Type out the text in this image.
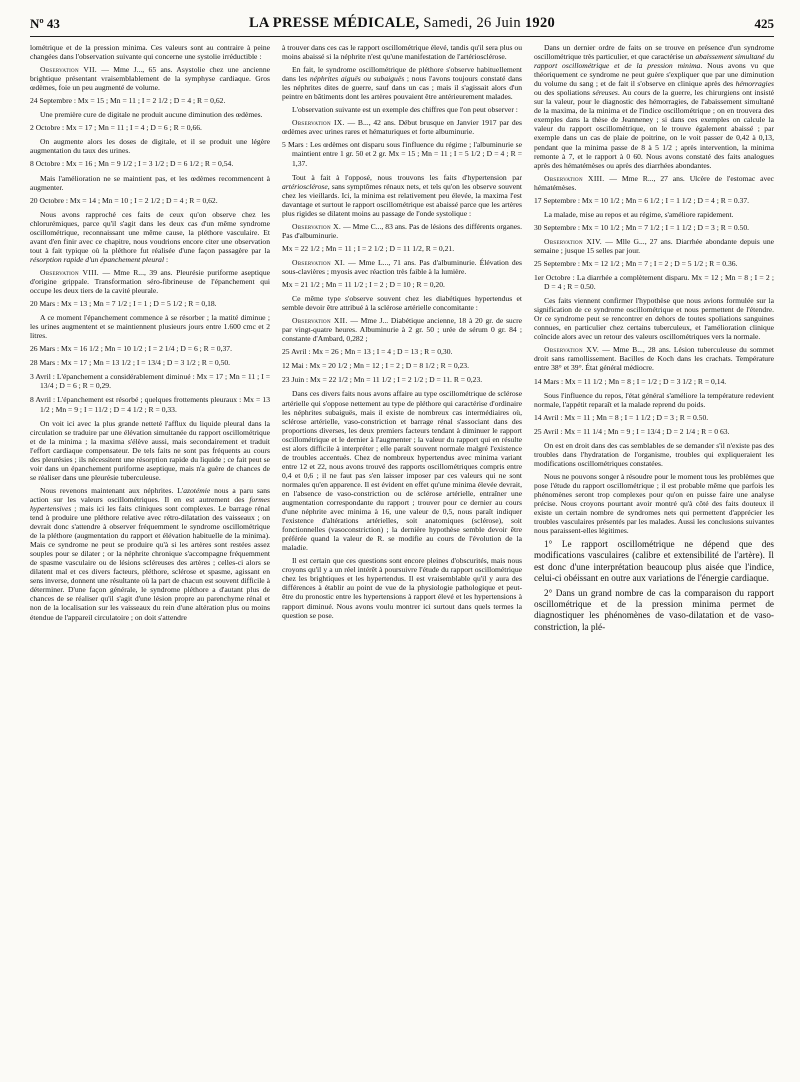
Nº 43	LA PRESSE MÉDICALE, Samedi, 26 Juin 1920	425

lométrique et de la pression minima. Ces valeurs sont au contraire à peine changées dans l'observation suivante qui concerne une systolie irréductible :

Observation VII. — Mme J..., 65 ans. Asystolie chez une ancienne brightique présentant vraisemblablement de la symphyse cardiaque. Gros œdèmes, foie un peu augmenté de volume.

24 Septembre : Mx = 15 ; Mn = 11 ; I = 2 1/2 ; D = 4 ; R = 0,62.

Une première cure de digitale ne produit aucune diminution des œdèmes.

2 Octobre : Mx = 17 ; Mn = 11 ; I = 4 ; D = 6 ; R = 0,66.

On augmente alors les doses de digitale, et il se produit une légère augmentation du taux des urines.

8 Octobre : Mx = 16 ; Mn = 9 1/2 ; I = 3 1/2 ; D = 6 1/2 ; R = 0,54.

Mais l'amélioration ne se maintient pas, et les œdèmes recommencent à augmenter.

20 Octobre : Mx = 14 ; Mn = 10 ; I = 2 1/2 ; D = 4 ; R = 0,62.

Nous avons rapproché ces faits de ceux qu'on observe chez les chlorurémiques, parce qu'il s'agit dans les deux cas d'un même syndrome oscillométrique, reconnaissant une même cause, la pléthore vasculaire. Et avant d'en finir avec ce chapitre, nous voudrions encore citer une observation tout à fait typique où la pléthore fut réalisée d'une façon passagère par la résorption rapide d'un épanchement pleural :

Observation VIII. — Mme R..., 39 ans. Pleurésie puriforme aseptique d'origine grippale. Transformation séro-fibrineuse de l'épanchement qui occupe les deux tiers de la cavité pleurale.

20 Mars : Mx = 13 ; Mn = 7 1/2 ; I = 1 ; D = 5 1/2 ; R = 0,18.

A ce moment l'épanchement commence à se résorber ; la matité diminue ; les urines augmentent et se maintiennent plusieurs jours entre 1.600 cmc et 2 litres.

26 Mars : Mx = 16 1/2 ; Mn = 10 1/2 ; I = 2 1/4 ; D = 6 ; R = 0,37.

28 Mars : Mx = 17 ; Mn = 13 1/2 ; I = 13/4 ; D = 3 1/2 ; R = 0,50.

3 Avril : L'épanchement a considérablement diminué : Mx = 17 ; Mn = 11 ; I = 13/4 ; D = 6 ; R = 0,29.

8 Avril : L'épanchement est résorbé ; quelques frottements pleuraux : Mx = 13 1/2 ; Mn = 9 ; I = 11/2 ; D = 4 1/2 ; R = 0,33.

On voit ici avec la plus grande netteté l'afflux du liquide pleural dans la circulation se traduire par une élévation simultanée du rapport oscillométrique et de la minima ; la maxima s'élève aussi, mais secondairement et traduit l'effort cardiaque compensateur. De tels faits ne sont pas fréquents au cours des pleurésies ; ils nécessitent une résorption rapide du liquide ; ce fait peut se voir dans un épanchement puriforme aseptique, mais n'a guère de chances de se réaliser dans une pleurésie tuberculeuse.

Nous revenons maintenant aux néphrites. L'azotémie nous a paru sans action sur les valeurs oscillométriques. Il en est autrement des formes hypertensives ; mais ici les faits cliniques sont complexes. Le barrage rénal tend à produire une pléthore relative avec rétro-dilatation des vaisseaux ; on devrait donc s'attendre à observer fréquemment le syndrome oscillométrique de la pléthore (augmentation du rapport et élévation habituelle de la minima). Mais ce syndrome ne peut se produire qu'à si les artères sont restées assez souples pour se dilater ; or la néphrite chronique s'accompagne fréquemment de spasme vasculaire ou de lésions scléreuses des artères ; celles-ci alors se dilatent mal et ces divers facteurs, pléthore, sclérose et spasme, agissant en sens inverse, donnent une résultante où la part de chacun est souvent difficile à déterminer. D'une façon générale, le syndrome pléthore a d'autant plus de chances de se réaliser qu'il s'agit d'une lésion propre au parenchyme rénal et non de la localisation sur les vaisseaux du rein d'une altération plus ou moins étendue de l'appareil circulatoire ; on doit s'attendre

à trouver dans ces cas le rapport oscillométrique élevé, tandis qu'il sera plus ou moins abaissé si la néphrite n'est qu'une manifestation de l'artériosclérose.

En fait, le syndrome oscillométrique de pléthore s'observe habituellement dans les néphrites aiguës ou subaiguës ; nous l'avons toujours constaté dans les néphrites dites de guerre, sauf dans un cas ; mais il s'agissait alors d'un peintre en bâtiments dont les artères pouvaient être antérieurement malades.

L'observation suivante est un exemple des chiffres que l'on peut observer :

Observation IX. — B..., 42 ans. Début brusque en Janvier 1917 par des œdèmes avec urines rares et hématuriques et forte albuminurie.

5 Mars : Les œdèmes ont disparu sous l'influence du régime ; l'albuminurie se maintient entre 1 gr. 50 et 2 gr. Mx = 15 ; Mn = 11 ; I = 5 1/2 ; D = 4 ; R = 1,37.

Tout à fait à l'opposé, nous trouvons les faits d'hypertension par artériosclérose, sans symptômes rénaux nets, et tels qu'on les observe souvent chez les vieillards. Ici, la minima est relativement peu élevée, la maxima l'est davantage et surtout le rapport oscillométrique est abaissé parce que les artères plus rigides se dilatent moins au passage de l'onde systolique :

Observation X. — Mme C..., 83 ans. Pas de lésions des différents organes. Pas d'albuminurie.

Mx = 22 1/2 ; Mn = 11 ; I = 2 1/2 ; D = 11 1/2, R = 0,21.

Observation XI. — Mme L..., 71 ans. Pas d'albuminurie. Élévation des sous-clavières ; myosis avec réaction très faible à la lumière.

Mx = 21 1/2 ; Mn = 11 1/2 ; I = 2 ; D = 10 ; R = 0,20.

Ce même type s'observe souvent chez les diabétiques hypertendus et semble devoir être attribué à la sclérose artérielle concomitante :

Observation XII. — Mme J... Diabétique ancienne, 18 à 20 gr. de sucre par vingt-quatre heures. Albuminurie à 2 gr. 50 ; urée de sérum 0 gr. 84 ; constante d'Ambard, 0,282 ;

25 Avril : Mx = 26 ; Mn = 13 ; I = 4 ; D = 13 ; R = 0,30.

12 Mai : Mx = 20 1/2 ; Mn = 12 ; I = 2 ; D = 8 1/2 ; R = 0,23.

23 Juin : Mx = 22 1/2 ; Mn = 11 1/2 ; I = 2 1/2 ; D = 11. R = 0,23.

Dans ces divers faits nous avons affaire au type oscillométrique de sclérose artérielle qui s'oppose nettement au type de pléthore qui caractérise d'ordinaire les néphrites subaiguës, mais il existe de nombreux cas intermédiaires où, sclérose artérielle, vaso-constriction et barrage rénal s'associant dans des proportions diverses, les deux premiers facteurs tendant à diminuer le rapport oscillométrique et le dernier à l'augmenter ; la valeur du rapport qui en résulte est alors difficile à interpréter ; elle paraît souvent normale malgré l'existence de troubles accentués. Chez de nombreux hypertendus avec minima variant entre 12 et 22, nous avons trouvé des rapports oscillométriques compris entre 0,4 et 0,6 ; il ne faut pas s'en laisser imposer par ces valeurs qui ne sont normales qu'en apparence. Il est évident en effet qu'une minima élevée devrait, en l'absence de vaso-constriction ou de sclérose artérielle, entraîner une augmentation correspondante du rapport ; trouver pour ce dernier au cours d'une néphrite avec minima à 16, une valeur de 0,5, nous paraît indiquer l'existence d'altérations artérielles, soit anatomiques (sclérose), soit fonctionnelles (vasoconstriction) ; la dernière hypothèse semble devoir être préférée quand la valeur de R. se modifie au cours de l'évolution de la maladie.

Il est certain que ces questions sont encore pleines d'obscurités, mais nous croyons qu'il y a un réel intérêt à poursuivre l'étude du rapport oscillométrique chez les brightiques et les hypertendus. Il est vraisemblable qu'il y aura des différences à établir au point de vue de la physiologie pathologique et peut-être du pronostic entre les hypertensions à rapport élevé et les hypertensions à rapport diminué. Nous avons voulu montrer ici surtout dans quels termes la question se pose.

Dans un dernier ordre de faits on se trouve en présence d'un syndrome oscillométrique très particulier, et que caractérise un abaissement simultané du rapport oscillométrique et de la pression minima. Nous avons vu que théoriquement ce syndrome ne peut guère s'expliquer que par une diminution du volume du sang ; et de fait il s'observe en clinique après des hémorragies ou des spoliations séreuses. Au cours de la guerre, les chirurgiens ont insisté sur la valeur, pour le diagnostic des hémorragies, de l'abaissement simultané de la maxima, de la minima et de l'indice oscillométrique ; on en trouvera des exemples dans la thèse de Jeanneney ; si dans ces exemples on calcule la valeur du rapport oscillométrique, on le trouve également abaissé ; par exemple dans un cas de plaie de poitrine, on le voit passer de 0,42 à 0,13, pendant que la minima passe de 8 à 5 1/2 ; après intervention, la minima remonte à 7, et le rapport à 0 60. Nous avons constaté des faits analogues après des hématémèses ou après des diarrhées abondantes.

Observation XIII. — Mme R..., 27 ans. Ulcère de l'estomac avec hématémèses.

17 Septembre : Mx = 10 1/2 ; Mn = 6 1/2 ; I = 1 1/2 ; D = 4 ; R = 0.37.

La malade, mise au repos et au régime, s'améliore rapidement.

30 Septembre : Mx = 10 1/2 ; Mn = 7 1/2 ; I = 1 1/2 ; D = 3 ; R = 0.50.

Observation XIV. — Mlle G..., 27 ans. Diarrhée abondante depuis une semaine ; jusque 15 selles par jour.

25 Septembre : Mx = 12 1/2 ; Mn = 7 ; I = 2 ; D = 5 1/2 ; R = 0.36.

1er Octobre : La diarrhée a complètement disparu. Mx = 12 ; Mn = 8 ; I = 2 ; D = 4 ; R = 0.50.

Ces faits viennent confirmer l'hypothèse que nous avions formulée sur la signification de ce syndrome oscillométrique et nous permettent de l'étendre. Or ce syndrome peut se rencontrer en dehors de toutes spoliations sanguines connues, en particulier chez certains tuberculeux, et l'amélioration clinique coïncide alors avec un retour des valeurs oscillométriques vers la normale.

Observation XV. — Mme B..., 28 ans. Lésion tuberculeuse du sommet droit sans ramollissement. Bacilles de Koch dans les crachats. Température entre 38° et 39°. État général médiocre.

14 Mars : Mx = 11 1/2 ; Mn = 8 ; I = 1/2 ; D = 3 1/2 ; R = 0,14.

Sous l'influence du repos, l'état général s'améliore la température redevient normale, l'appétit reparaît et la malade reprend du poids.

14 Avril : Mx = 11 ; Mn = 8 ; I = 1 1/2 ; D = 3 ; R = 0.50.

25 Avril : Mx = 11 1/4 ; Mn = 9 ; I = 13/4 ; D = 2 1/4 ; R = 0 63.

On est en droit dans des cas semblables de se demander s'il n'existe pas des troubles dans l'hydratation de l'organisme, troubles qui expliqueraient les modifications oscillométriques constatées.

Nous ne pouvons songer à résoudre pour le moment tous les problèmes que pose l'étude du rapport oscillométrique ; il est probable même que parfois les phénomènes seront trop complexes pour qu'on en puisse faire une analyse précise. Nous croyons pourtant avoir montré qu'à côté des faits douteux il existe un certain nombre de syndromes nets qui permettent d'apprécier les troubles vasculaires présentés par les malades. Aussi les conclusions suivantes nous paraissent-elles légitimes.

1° Le rapport oscillométrique ne dépend que des modifications vasculaires (calibre et extensibilité de l'artère). Il est donc d'une interprétation beaucoup plus aisée que l'indice, celui-ci obéissant en outre aux variations de l'énergie cardiaque.

2° Dans un grand nombre de cas la comparaison du rapport oscillométrique et de la pression minima permet de diagnostiquer les phénomènes de vaso-dilatation et de vaso-constriction, la plé-
